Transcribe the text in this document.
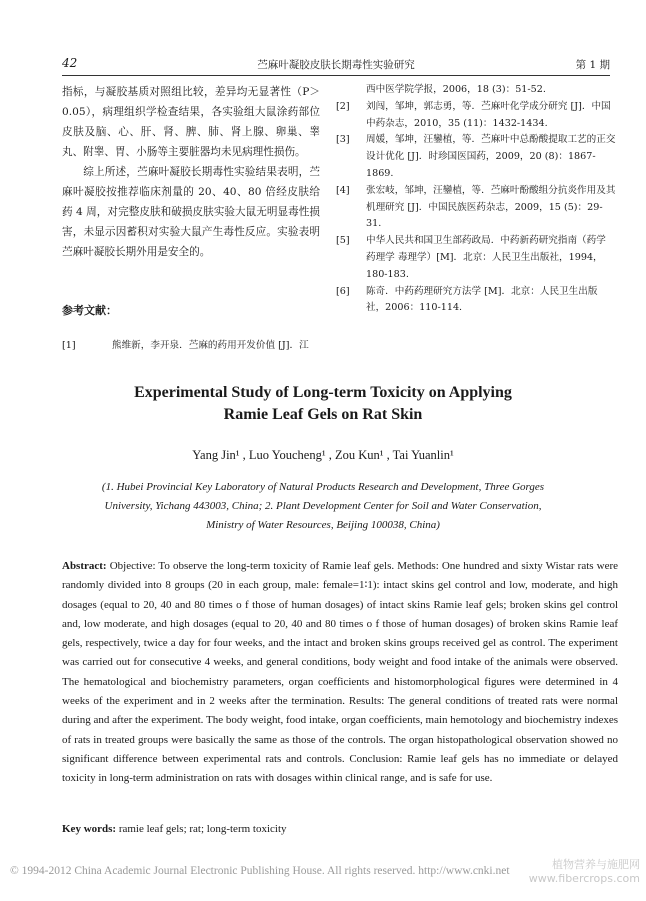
42	苎麻叶凝胶皮肤长期毒性实验研究	第 1 期

指标，与凝胶基质对照组比较，差异均无显著性（P＞0.05），病理组织学检查结果，各实验组大鼠涂药部位皮肤及脑、心、肝、肾、脾、肺、肾上腺、卵巢、睾丸、附睾、胃、小肠等主要脏器均未见病理性损伤。

综上所述，苎麻叶凝胶长期毒性实验结果表明，苎麻叶凝胶按推荐临床剂量的 20、40、80 倍经皮肤给药 4 周，对完整皮肤和破损皮肤实验大鼠无明显毒性损害，未显示因蓄积对实验大鼠产生毒性反应。实验表明苎麻叶凝胶长期外用是安全的。

参考文献：
[1]	熊维新，李开泉．苎麻的药用开发价值 [J]．江

西中医学院学报，2006，18 (3)：51-52.

[2]	刘闯，邹坤，郭志勇，等．苎麻叶化学成分研究 [J]．中国中药杂志，2010，35 (11)：1432-1434.

[3]	周媛，邹坤，汪鑾植，等．苎麻叶中总酚酸提取工艺的正交设计优化 [J]．时珍国医国药，2009，20 (8)：1867-1869.

[4]	张宏岐，邹坤，汪鑾植，等．苎麻叶酚酸组分抗炎作用及其机理研究 [J]．中国民族医药杂志，2009，15 (5)：29-31.

[5]	中华人民共和国卫生部药政局．中药新药研究指南（药学 药理学 毒理学）[M]．北京：人民卫生出版社，1994，180-183.

[6]	陈奇．中药药理研究方法学 [M]．北京：人民卫生出版社，2006：110-114.

Experimental Study of Long-term Toxicity on Applying
Ramie Leaf Gels on Rat Skin
Yang Jin¹ , Luo Youcheng¹ , Zou Kun¹ , Tai Yuanlin¹
(1. Hubei Provincial Key Laboratory of Natural Products Research and Development, Three Gorges University, Yichang 443003, China; 2. Plant Development Center for Soil and Water Conservation, Ministry of Water Resources, Beijing 100038, China)
Abstract: Objective: To observe the long-term toxicity of Ramie leaf gels. Methods: One hundred and sixty Wistar rats were randomly divided into 8 groups (20 in each group, male: female=1∶1): intact skins gel control and low, moderate, and high dosages (equal to 20, 40 and 80 times o f those of human dosages) of intact skins Ramie leaf gels; broken skins gel control and, low moderate, and high dosages (equal to 20, 40 and 80 times o f those of human dosages) of broken skins Ramie leaf gels, respectively, twice a day for four weeks, and the intact and broken skins groups received gel as control. The experiment was carried out for consecutive 4 weeks, and general conditions, body weight and food intake of the animals were observed. The hematological and biochemistry parameters, organ coefficients and histomorphological figures were determined in 4 weeks of the experiment and in 2 weeks after the termination. Results: The general conditions of treated rats were normal during and after the experiment. The body weight, food intake, organ coefficients, main hemotology and biochemistry indexes of rats in treated groups were basically the same as those of the controls. The organ histopathological observation showed no significant difference between experimental rats and controls. Conclusion: Ramie leaf gels has no immediate or delayed toxicity in long-term administration on rats with dosages within clinical range, and is safe for use.
Key words: ramie leaf gels; rat; long-term toxicity
© 1994-2012 China Academic Journal Electronic Publishing House. All rights reserved. http://www.cnki.net	植物营养与施肥网
www.fibercrops.com
